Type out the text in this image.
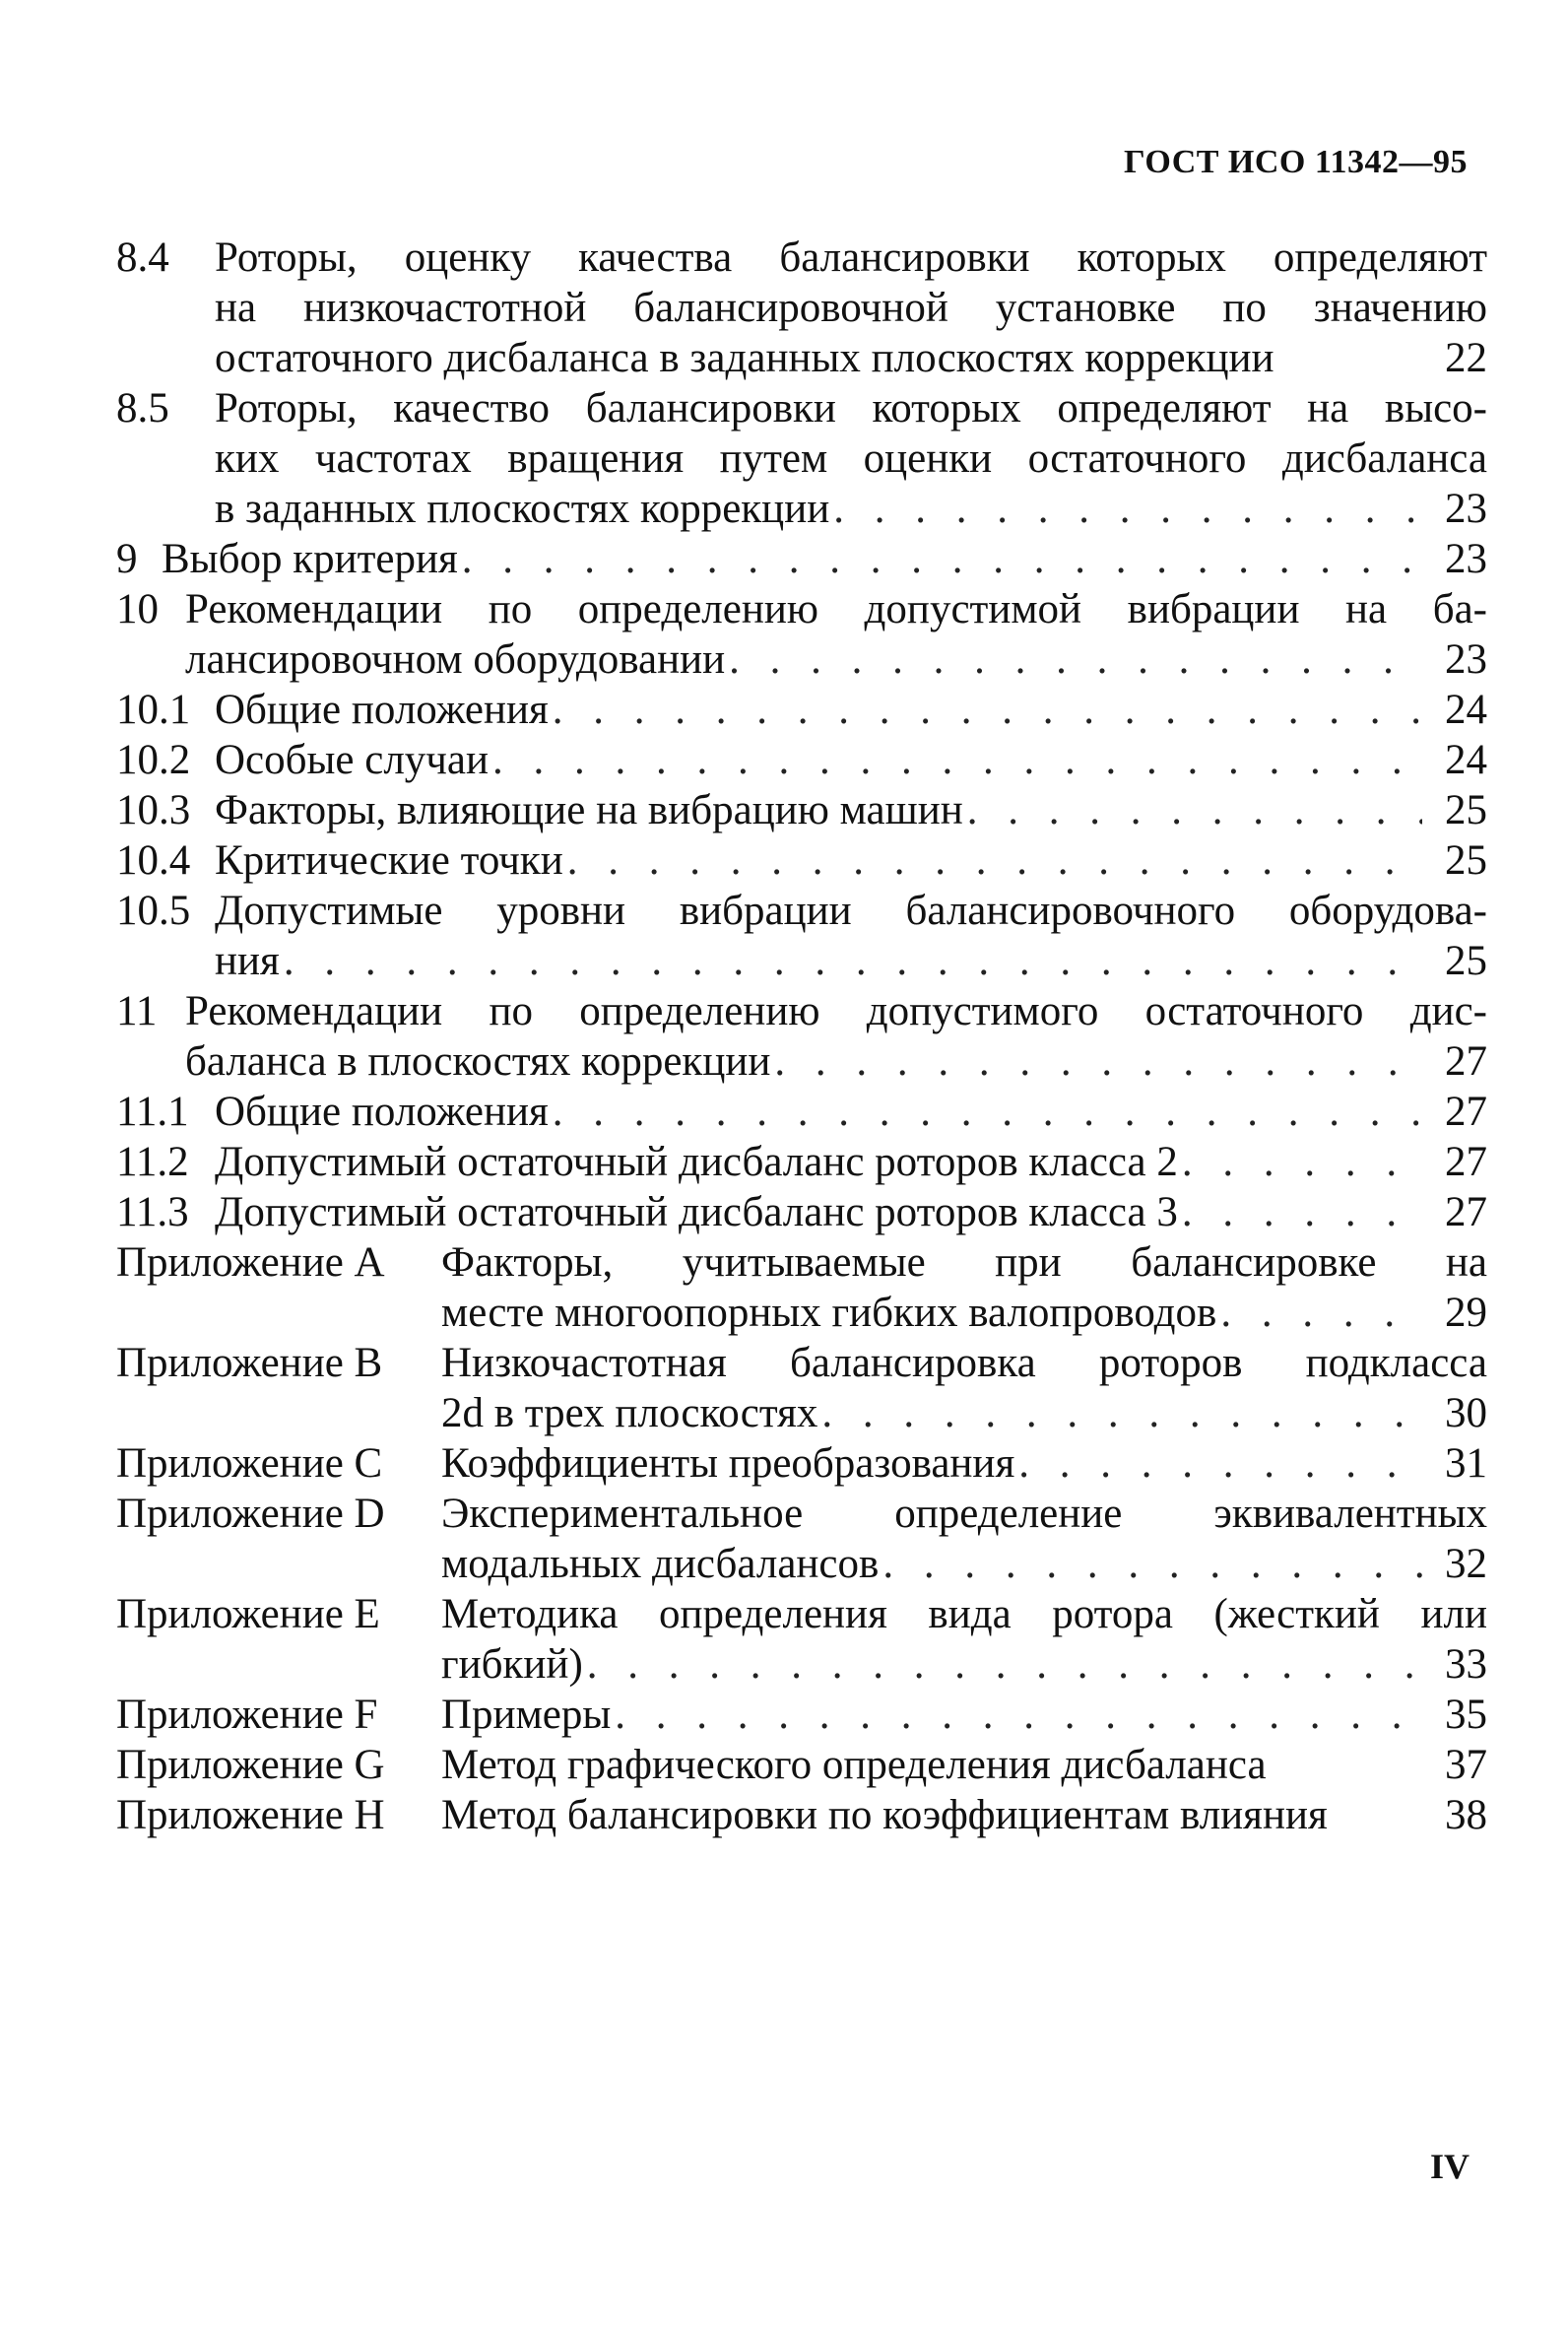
ГОСТ ИСО 11342—95
8.4	Роторы, оценку качества балансировки которых определяют
на низкочастотной балансировочной установке по значению
остаточного дисбаланса в заданных плоскостях коррекции	22
8.5	Роторы, качество балансировки которых определяют на высо-
ких частотах вращения путем оценки остаточного дисбаланса
в заданных плоскостях коррекции . . .	23
9 Выбор критерия . . .	23
10 Рекомендации по определению допустимой вибрации на ба-
лансировочном оборудовании . . .	23
10.1 Общие положения . . .	24
10.2 Особые случаи . . .	24
10.3 Факторы, влияющие на вибрацию машин . . .	25
10.4 Критические точки . . .	25
10.5 Допустимые уровни вибрации балансировочного оборудова-
ния . . .	25
11 Рекомендации по определению допустимого остаточного дис-
баланса в плоскостях коррекции . . .	27
11.1 Общие положения . . .	27
11.2 Допустимый остаточный дисбаланс роторов класса 2 . . .	27
11.3 Допустимый остаточный дисбаланс роторов класса 3 . . .	27
Приложение A	Факторы, учитываемые при балансировке на
месте многоопорных гибких валопроводов . . .	29
Приложение B	Низкочастотная балансировка роторов подкласса
2d в трех плоскостях . . .	30
Приложение C	Коэффициенты преобразования . . .	31
Приложение D	Экспериментальное определение эквивалентных
модальных дисбалансов . . .	32
Приложение E	Методика определения вида ротора (жесткий или
гибкий) . . .	33
Приложение F	Примеры . . .	35
Приложение G	Метод графического определения дисбаланса	37
Приложение H	Метод балансировки по коэффициентам влияния	38
IV
